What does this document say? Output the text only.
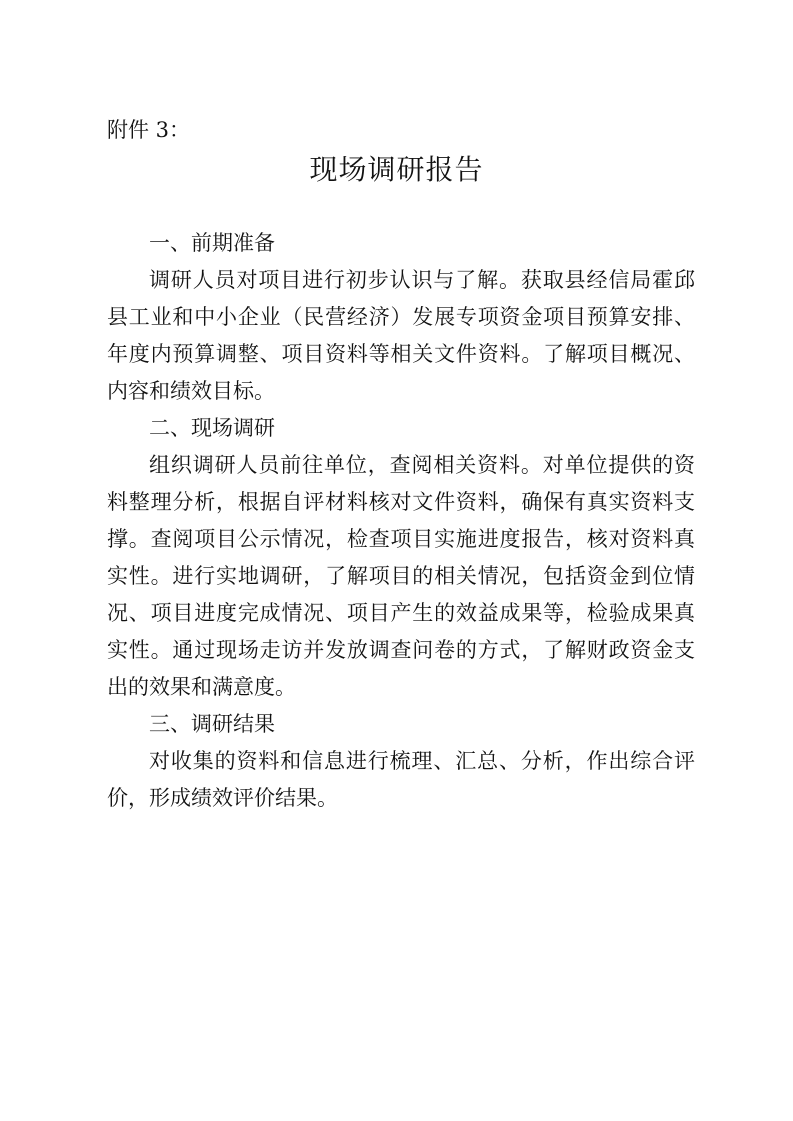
附件 3：
现场调研报告
一、前期准备
调研人员对项目进行初步认识与了解。获取县经信局霍邱
县工业和中小企业（民营经济）发展专项资金项目预算安排、
年度内预算调整、项目资料等相关文件资料。了解项目概况、
内容和绩效目标。
二、现场调研
组织调研人员前往单位，查阅相关资料。对单位提供的资
料整理分析，根据自评材料核对文件资料，确保有真实资料支
撑。查阅项目公示情况，检查项目实施进度报告，核对资料真
实性。进行实地调研，了解项目的相关情况，包括资金到位情
况、项目进度完成情况、项目产生的效益成果等，检验成果真
实性。通过现场走访并发放调查问卷的方式，了解财政资金支
出的效果和满意度。
三、调研结果
对收集的资料和信息进行梳理、汇总、分析，作出综合评
价，形成绩效评价结果。
